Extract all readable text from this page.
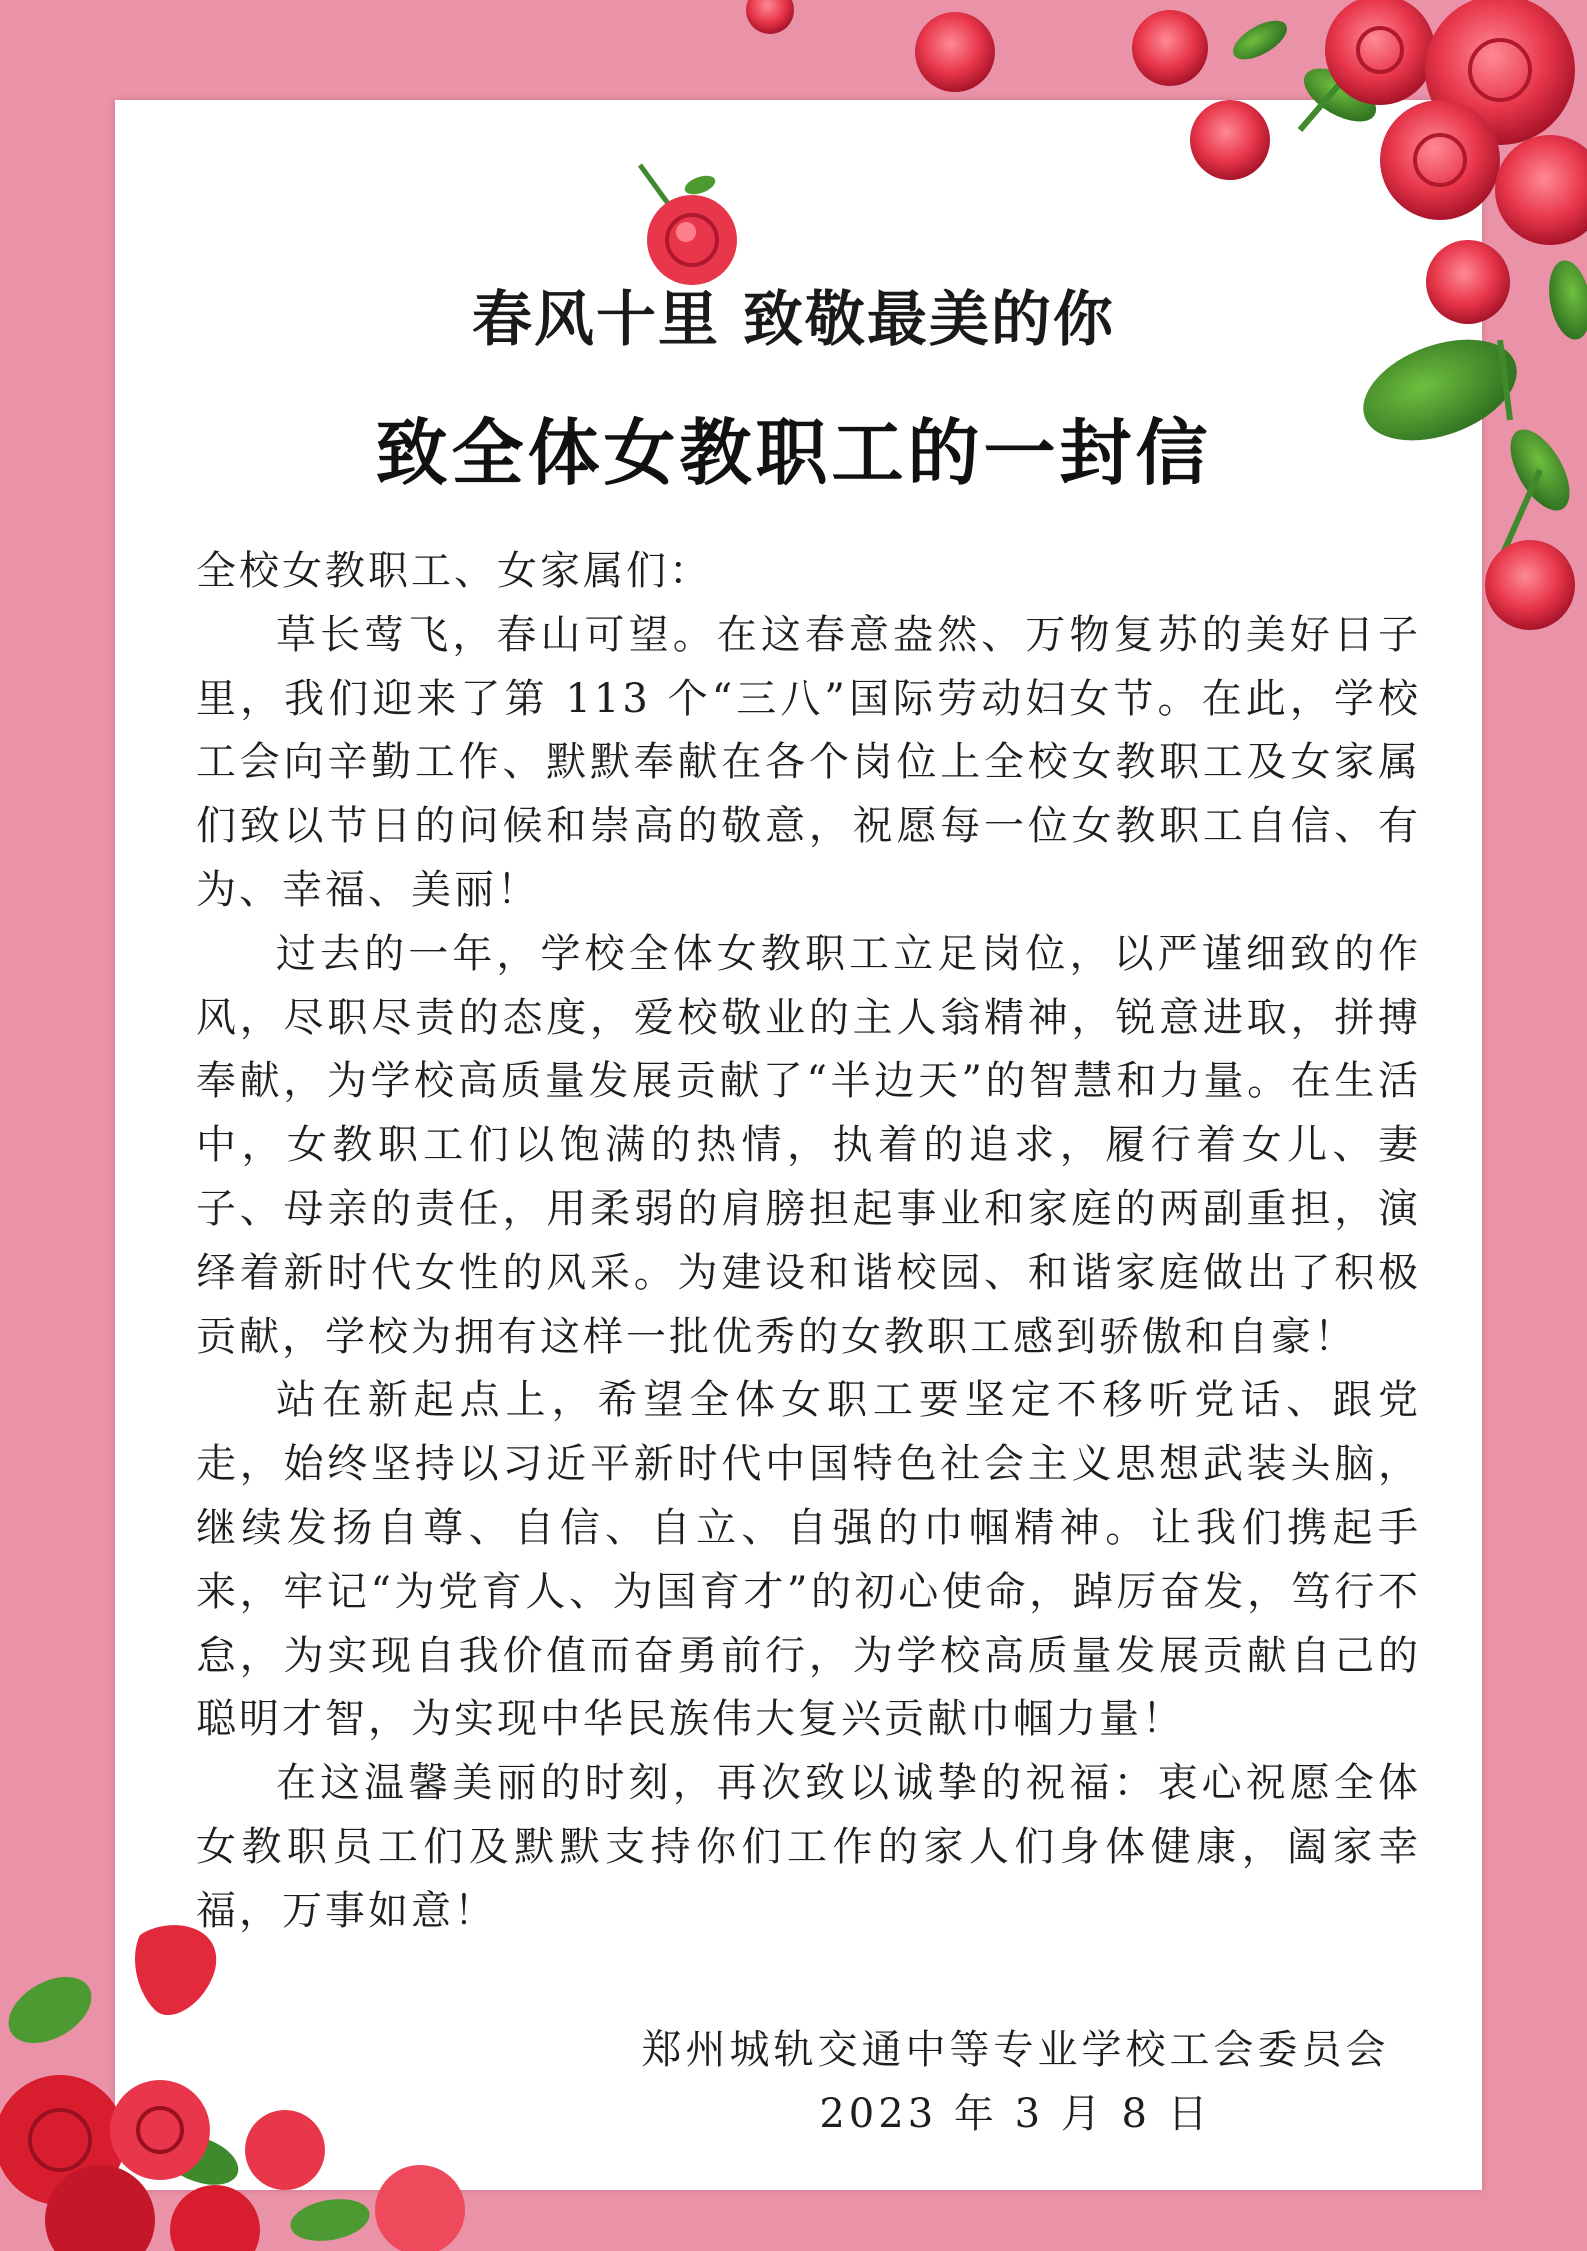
春风十里 致敬最美的你
致全体女教职工的一封信

全校女教职工、女家属们：

草长莺飞，春山可望。在这春意盎然、万物复苏的美好日子里，我们迎来了第 113 个“三八”国际劳动妇女节。在此，学校工会向辛勤工作、默默奉献在各个岗位上全校女教职工及女家属们致以节日的问候和崇高的敬意，祝愿每一位女教职工自信、有为、幸福、美丽！

过去的一年，学校全体女教职工立足岗位，以严谨细致的作风，尽职尽责的态度，爱校敬业的主人翁精神，锐意进取，拼搏奉献，为学校高质量发展贡献了“半边天”的智慧和力量。在生活中，女教职工们以饱满的热情，执着的追求，履行着女儿、妻子、母亲的责任，用柔弱的肩膀担起事业和家庭的两副重担，演绎着新时代女性的风采。为建设和谐校园、和谐家庭做出了积极贡献，学校为拥有这样一批优秀的女教职工感到骄傲和自豪！

站在新起点上，希望全体女职工要坚定不移听党话、跟党走，始终坚持以习近平新时代中国特色社会主义思想武装头脑，继续发扬自尊、自信、自立、自强的巾帼精神。让我们携起手来，牢记“为党育人、为国育才”的初心使命，踔厉奋发，笃行不怠，为实现自我价值而奋勇前行，为学校高质量发展贡献自己的聪明才智，为实现中华民族伟大复兴贡献巾帼力量！

在这温馨美丽的时刻，再次致以诚挚的祝福：衷心祝愿全体女教职员工们及默默支持你们工作的家人们身体健康，阖家幸福，万事如意！

郑州城轨交通中等专业学校工会委员会
2023 年 3 月 8 日
